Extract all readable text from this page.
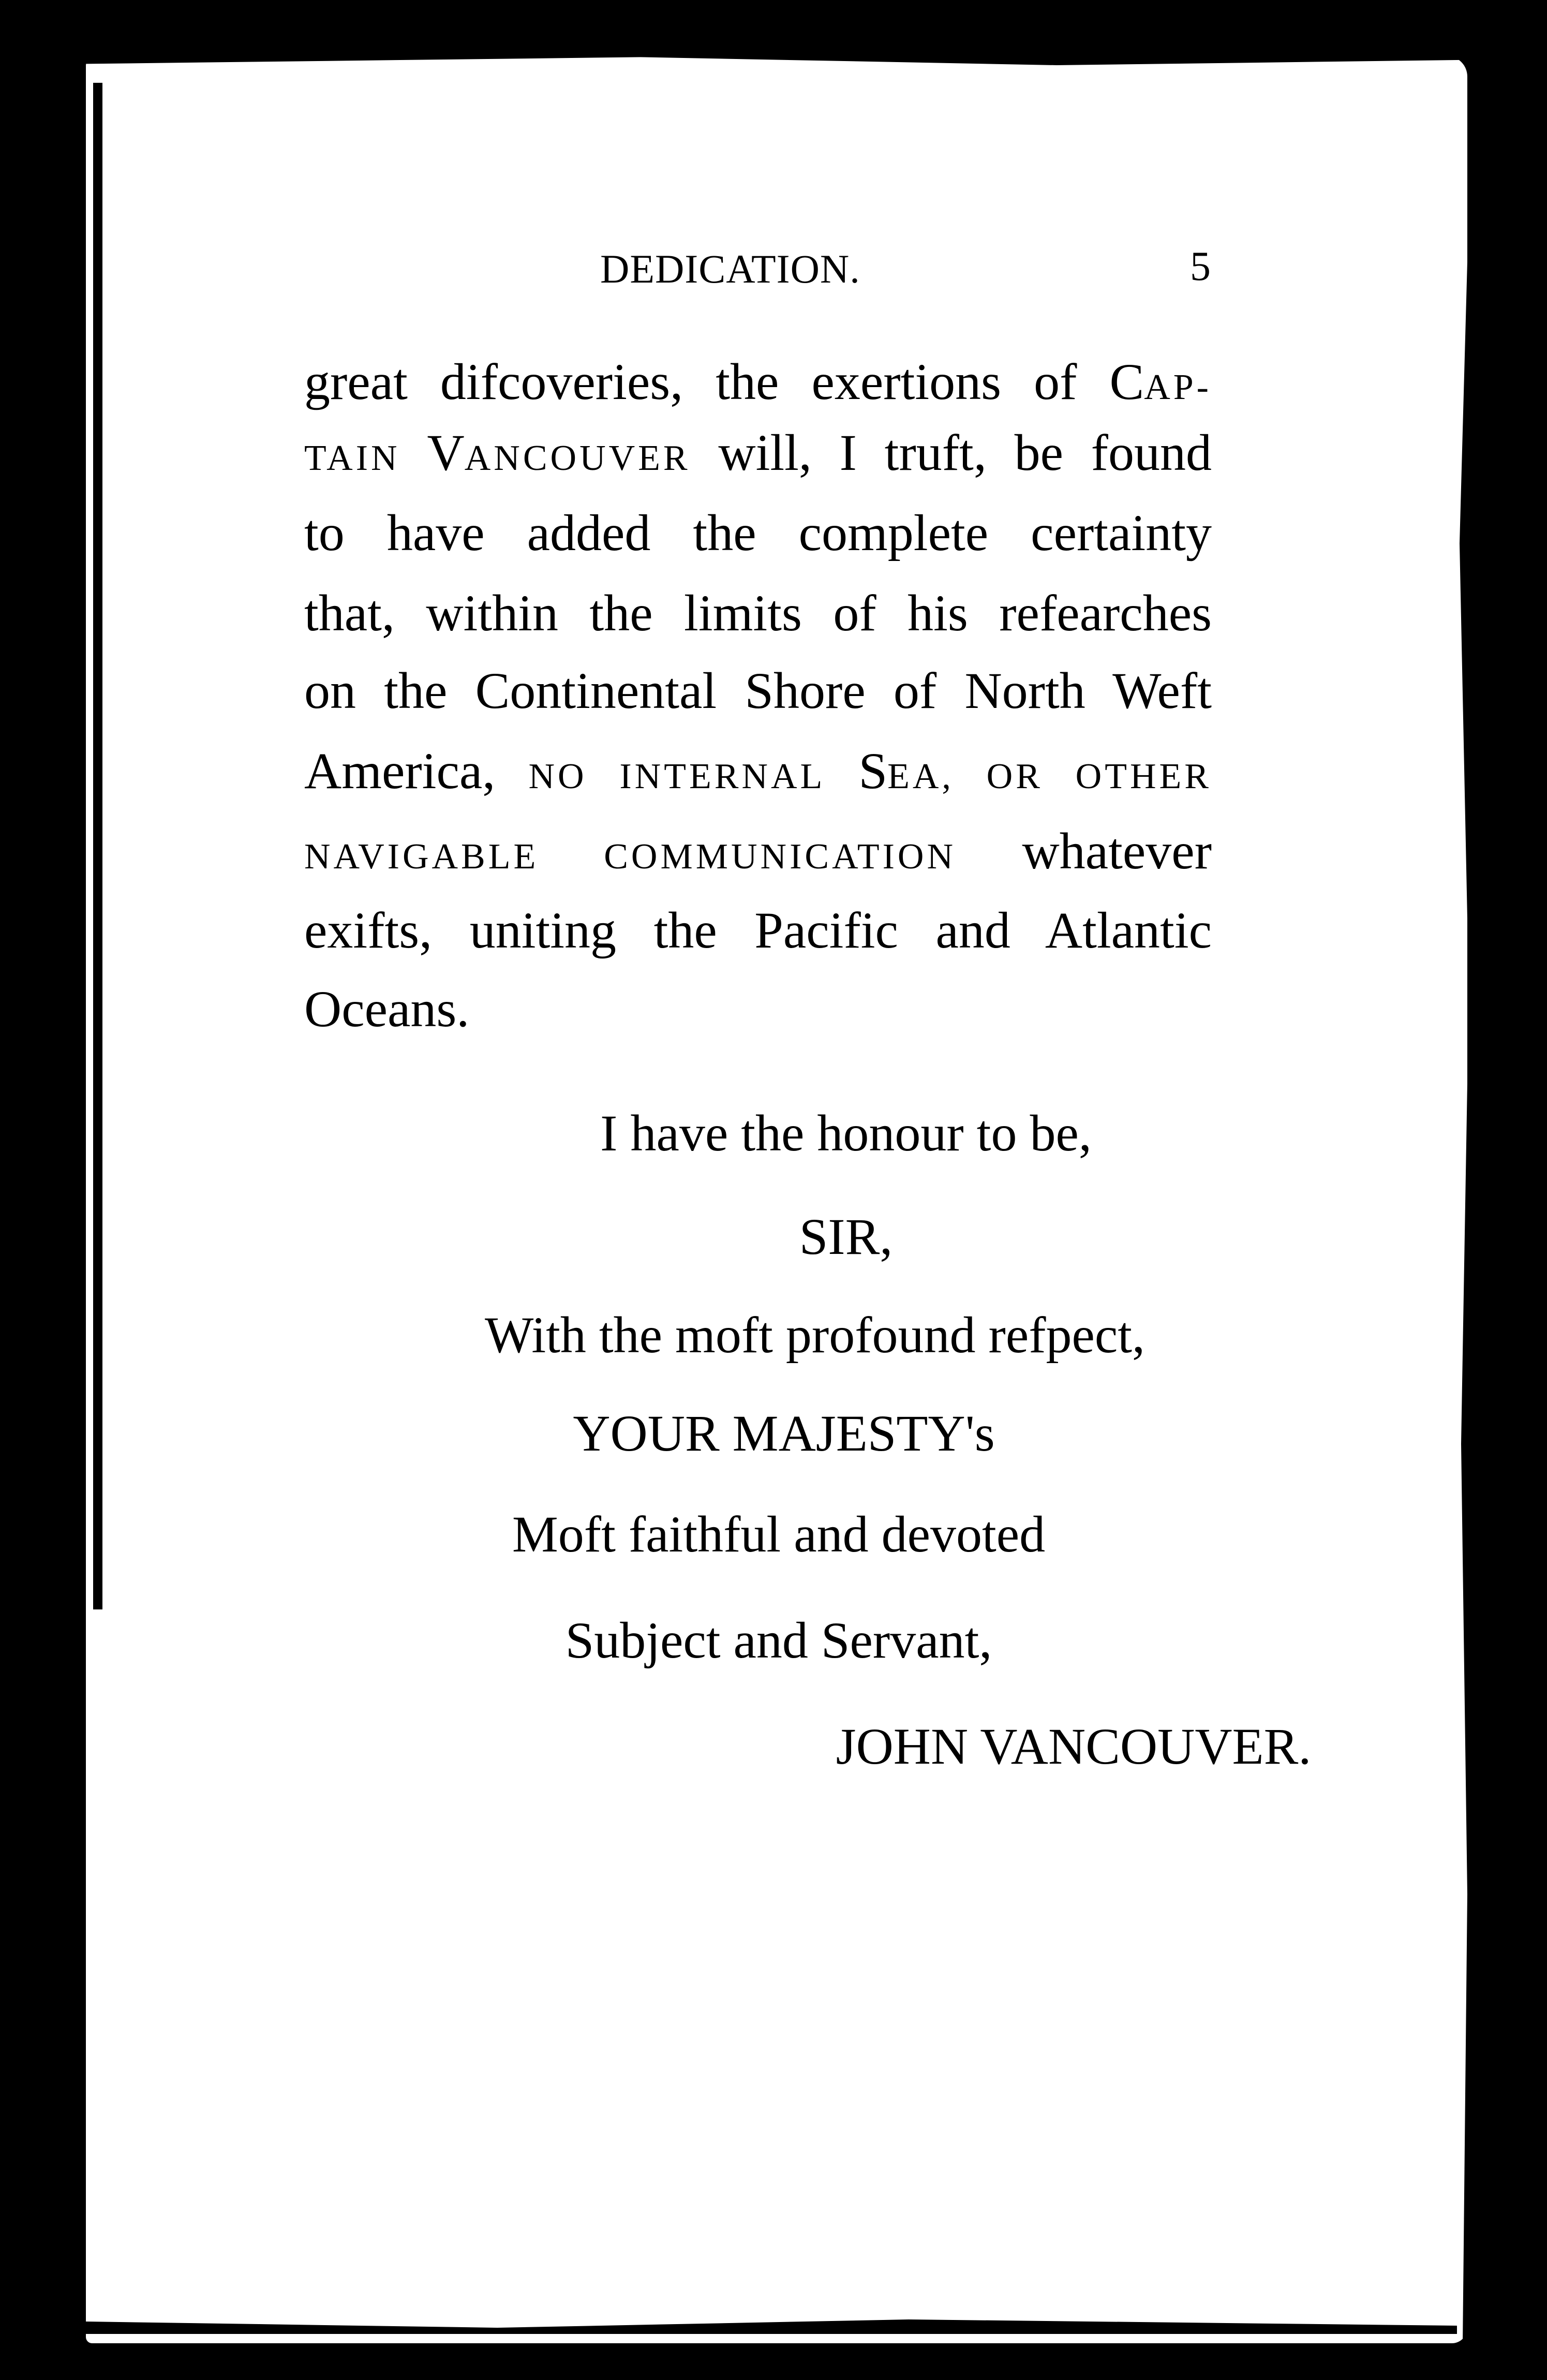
DEDICATION.	5
great difcoveries, the exertions of CAP-
TAIN VANCOUVER will, I truft, be found
to have added the complete certainty
that, within the limits of his refearches
on the Continental Shore of North Weft
America, NO INTERNAL SEA, OR OTHER
NAVIGABLE COMMUNICATION whatever
exifts, uniting the Pacific and Atlantic
Oceans.
I have the honour to be,
SIR,
With the moft profound refpect,
YOUR MAJESTY's
Moft faithful and devoted
Subject and Servant,
JOHN VANCOUVER.
